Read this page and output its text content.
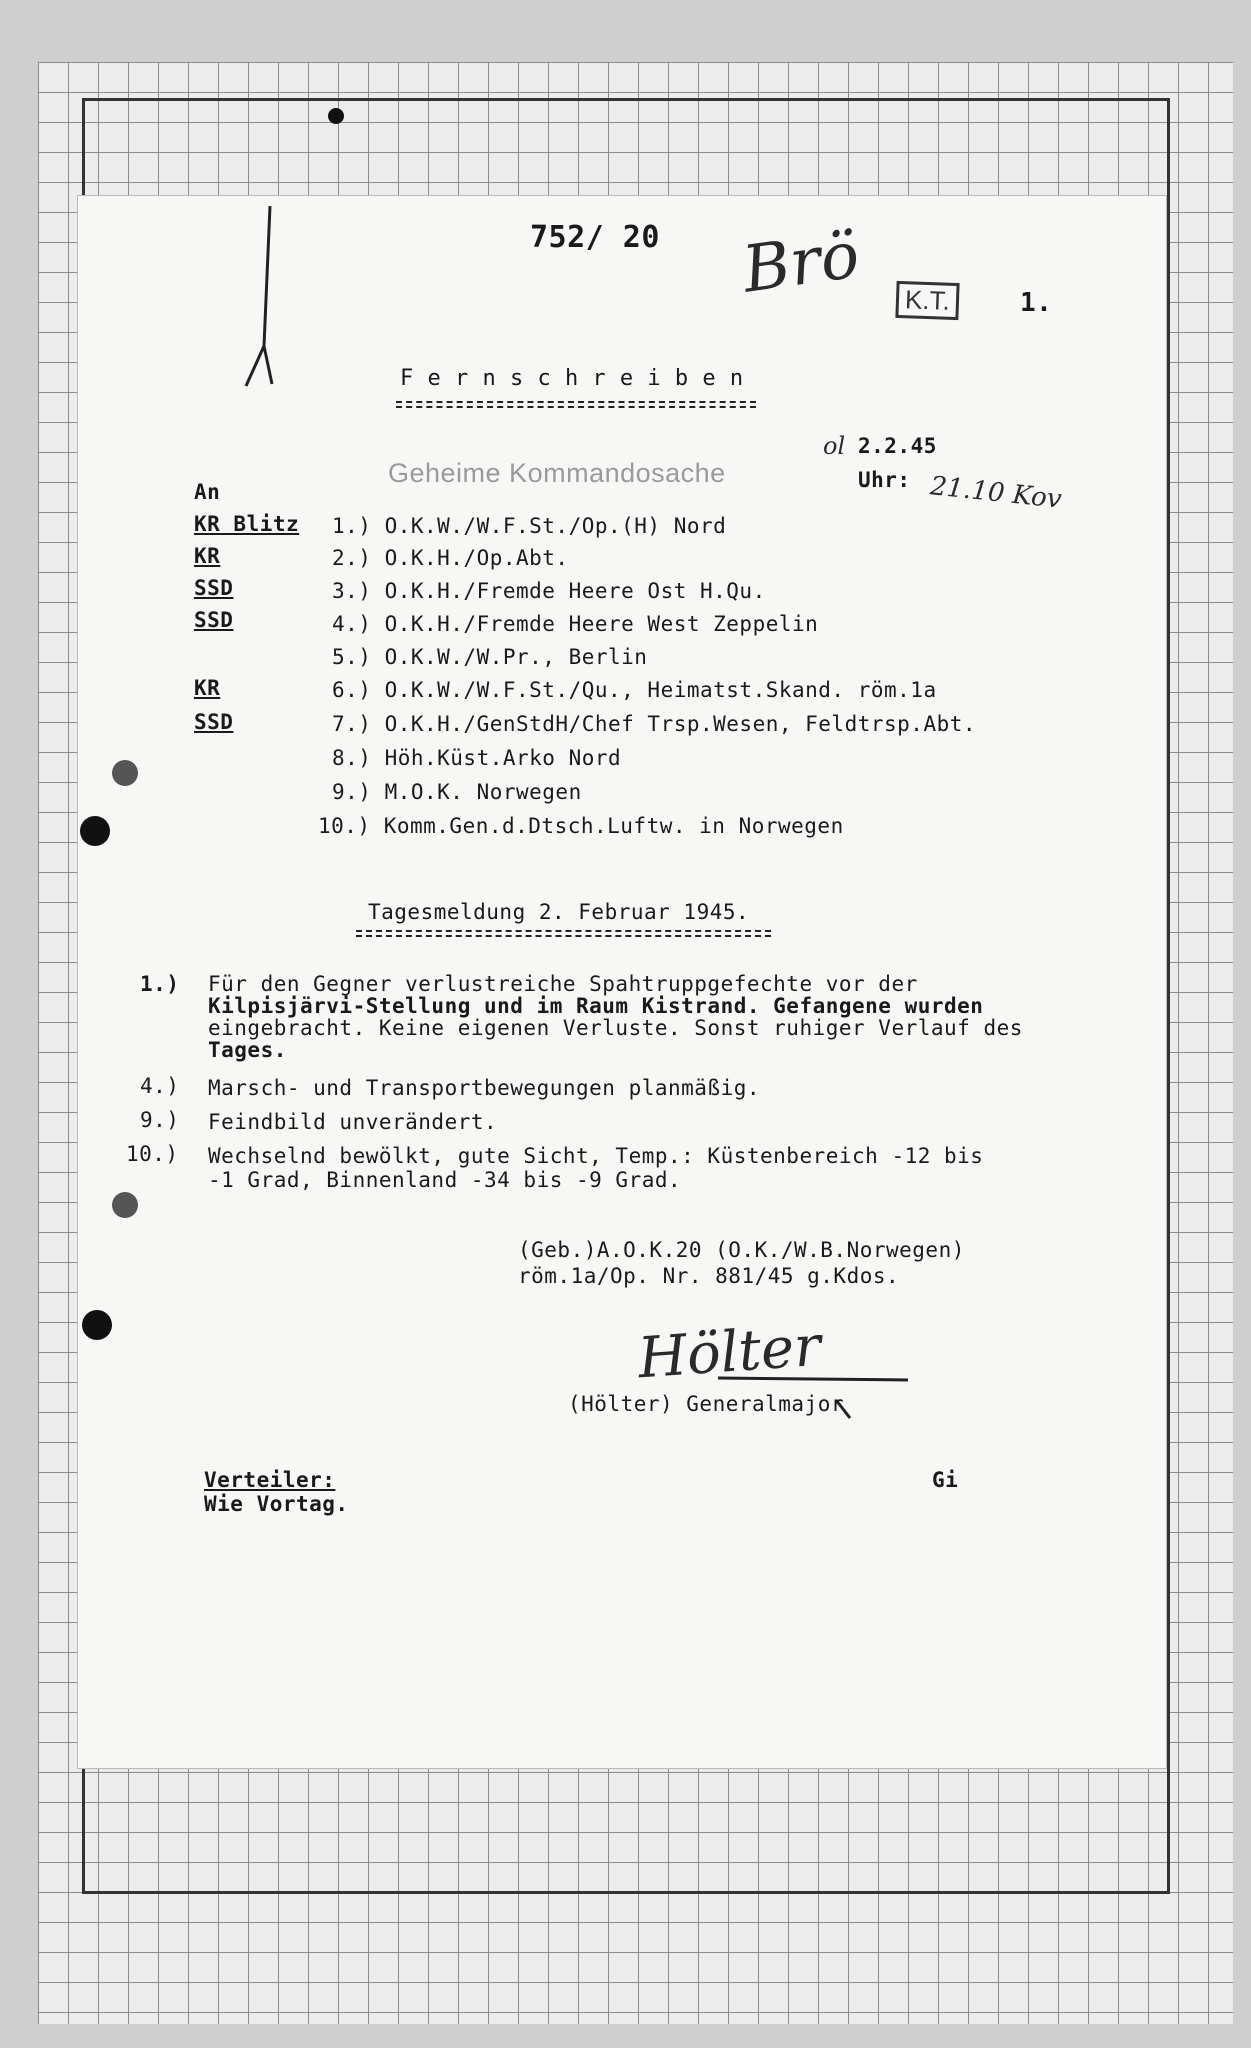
752/ 20 Brö	K.T.	1.
F e r n s c h r e i b e n
Geheime Kommandosache
ol 2.2.45
Uhr: 21.10 Kov
An
KR Blitz 1.) O.K.W./W.F.St./Op.(H) Nord
KR	2.) O.K.H./Op.Abt.
SSD	3.) O.K.H./Fremde Heere Ost H.Qu.
SSD	4.) O.K.H./Fremde Heere West Zeppelin
5.) O.K.W./W.Pr., Berlin
KR	6.) O.K.W./W.F.St./Qu., Heimatst.Skand. röm.1a
SSD	7.) O.K.H./GenStdH/Chef Trsp.Wesen, Feldtrsp.Abt.
8.) Höh.Küst.Arko Nord
9.) M.O.K. Norwegen
10.) Komm.Gen.d.Dtsch.Luftw. in Norwegen
Tagesmeldung 2. Februar 1945.
1.) Für den Gegner verlustreiche Spahtruppgefechte vor der
Kilpisjärvi-Stellung und im Raum Kistrand. Gefangene wurden
eingebracht. Keine eigenen Verluste. Sonst ruhiger Verlauf des
Tages.
4.) Marsch- und Transportbewegungen planmäßig.
9.) Feindbild unverändert.
10.) Wechselnd bewölkt, gute Sicht, Temp.: Küstenbereich -12 bis
-1 Grad, Binnenland -34 bis -9 Grad.
(Geb.)A.O.K.20 (O.K./W.B.Norwegen)
röm.1a/Op. Nr. 881/45 g.Kdos.
Hölter
(Hölter) Generalmajor
Verteiler:
Wie Vortag.
Gi
